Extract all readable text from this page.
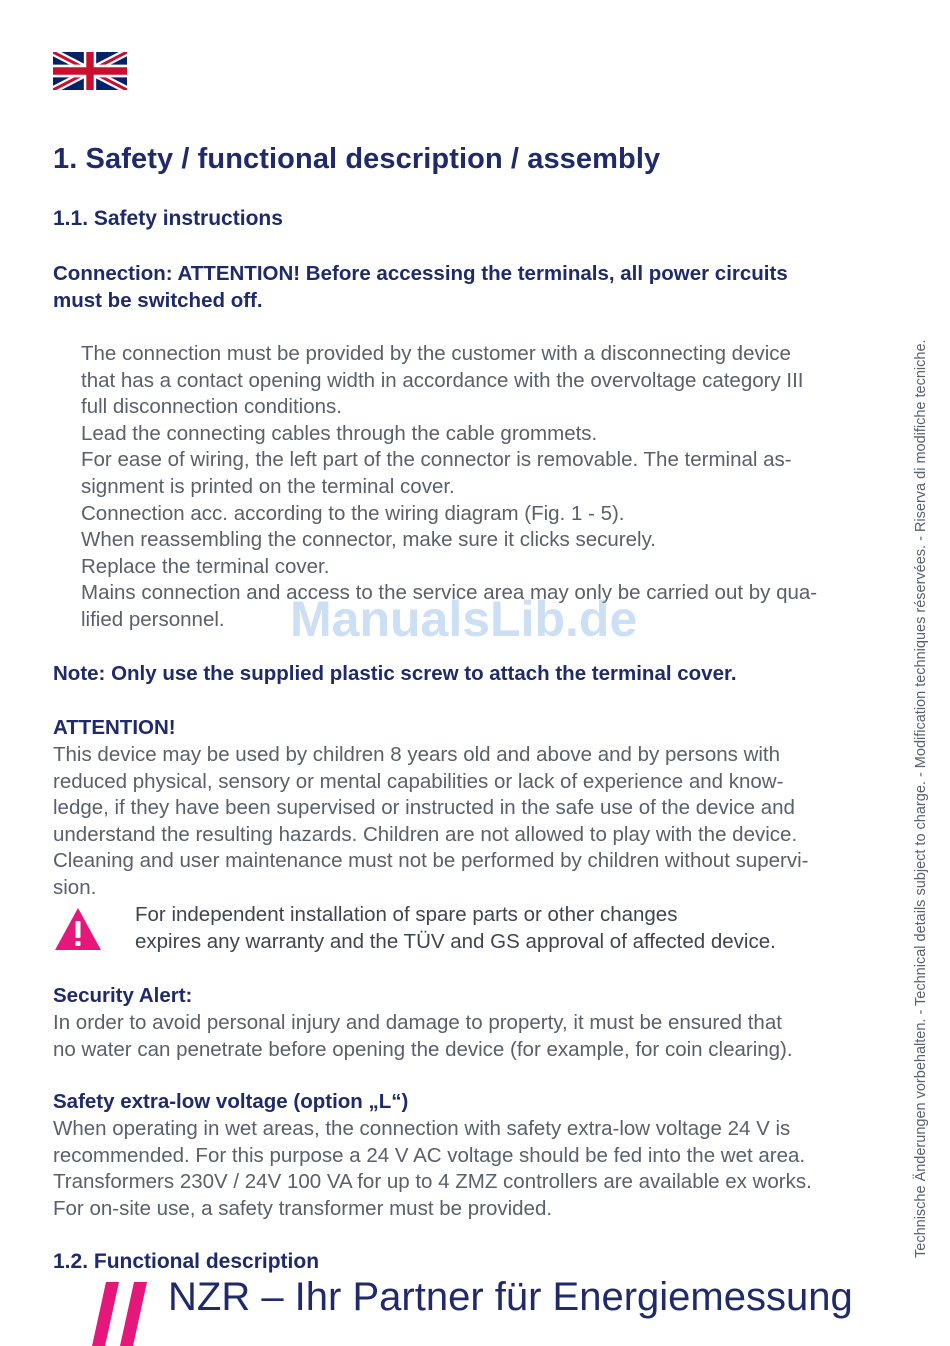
1. Safety / functional description / assembly
1.1. Safety instructions
Connection: ATTENTION! Before accessing the terminals, all power circuits
must be switched off.
The connection must be provided by the customer with a disconnecting device
that has a contact opening width in accordance with the overvoltage category III
full disconnection conditions.
Lead the connecting cables through the cable grommets.
For ease of wiring, the left part of the connector is removable. The terminal as-
signment is printed on the terminal cover.
Connection acc. according to the wiring diagram (Fig. 1 - 5).
When reassembling the connector, make sure it clicks securely.
Replace the terminal cover.
Mains connection and access to the service area may only be carried out by qua-
lified personnel.	ManualsLib.de
Note: Only use the supplied plastic screw to attach the terminal cover.
ATTENTION!
This device may be used by children 8 years old and above and by persons with
reduced physical, sensory or mental capabilities or lack of experience and know-
ledge, if they have been supervised or instructed in the safe use of the device and
understand the resulting hazards. Children are not allowed to play with the device.
Cleaning and user maintenance must not be performed by children without supervi-
sion.
For independent installation of spare parts or other changes
expires any warranty and the TÜV and GS approval of affected device.
Security Alert:
In order to avoid personal injury and damage to property, it must be ensured that
no water can penetrate before opening the device (for example, for coin clearing).
Safety extra-low voltage (option „L“)
When operating in wet areas, the connection with safety extra-low voltage 24 V is
recommended. For this purpose a 24 V AC voltage should be fed into the wet area.
Transformers 230V / 24V 100 VA for up to 4 ZMZ controllers are available ex works.
For on-site use, a safety transformer must be provided.
1.2. Functional description
Technische Änderungen vorbehalten. - Technical details subject to charge. - Modification techniques réservées. - Riserva di modifiche tecniche.
NZR – Ihr Partner für Energiemessung
